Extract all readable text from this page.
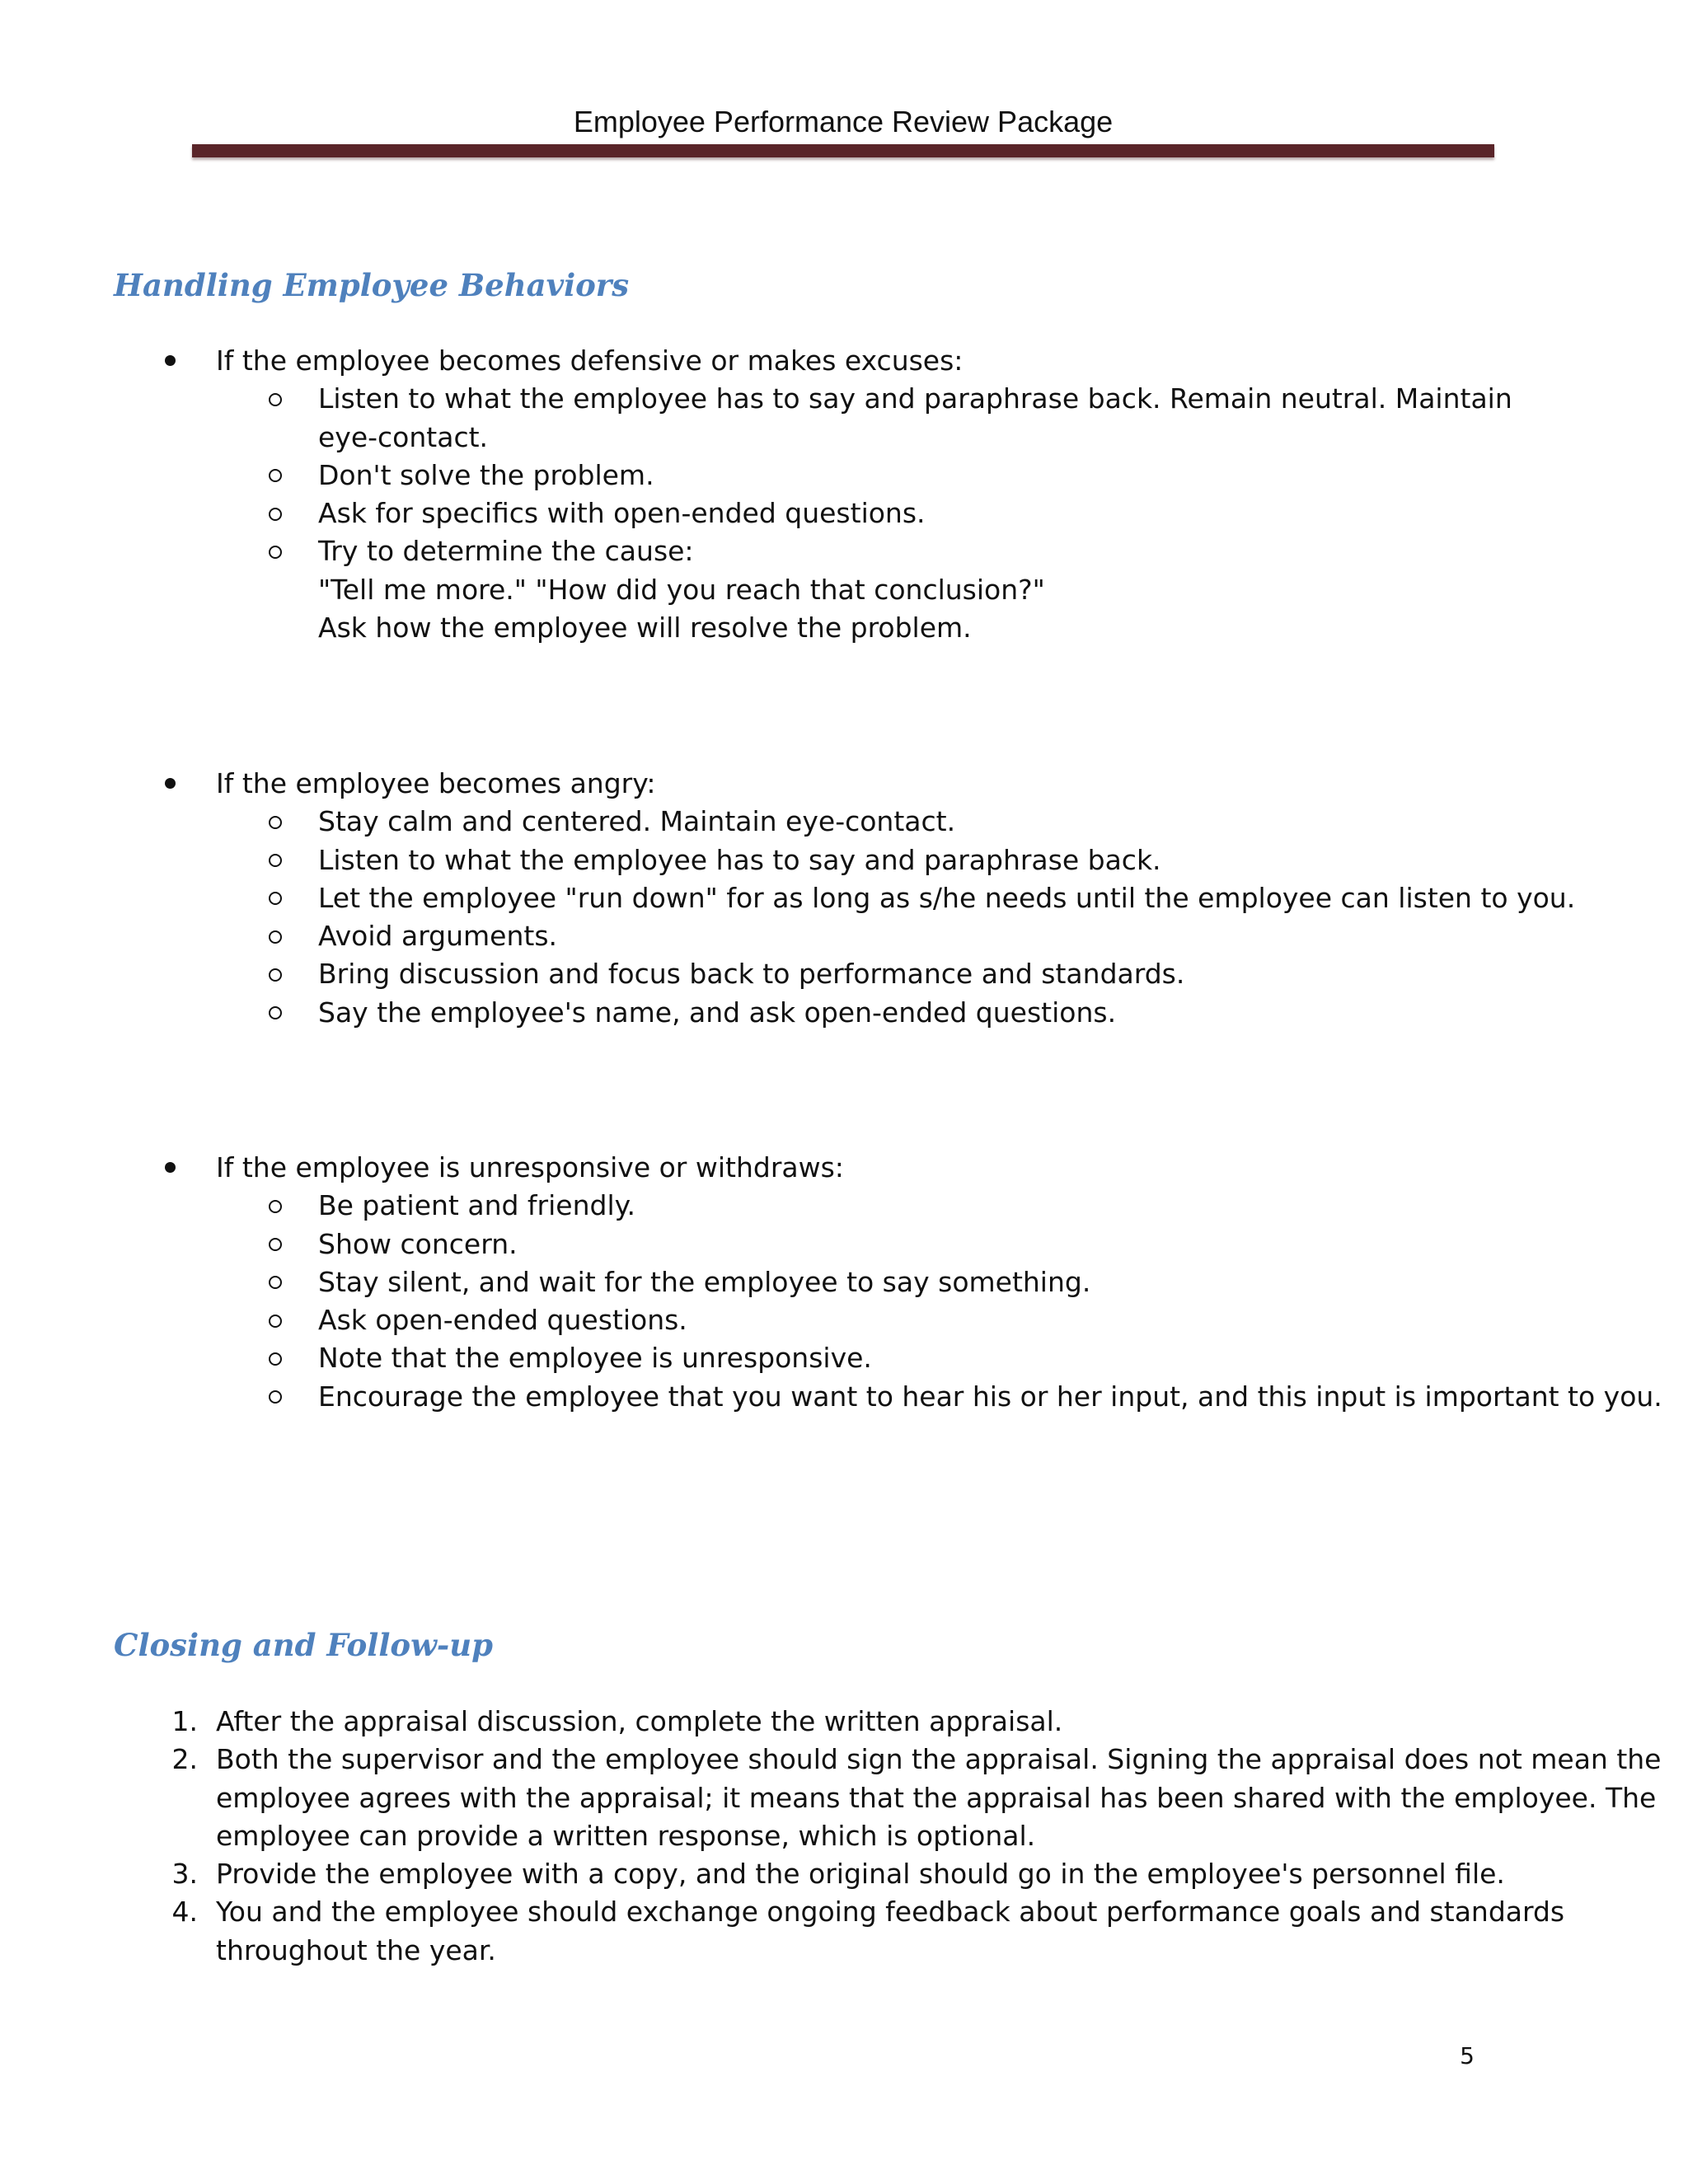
Employee Performance Review Package
Handling Employee Behaviors
If the employee becomes defensive or makes excuses:
Listen to what the employee has to say and paraphrase back. Remain neutral. Maintain
eye-contact.
Don't solve the problem.
Ask for specifics with open-ended questions.
Try to determine the cause:
"Tell me more." "How did you reach that conclusion?"
Ask how the employee will resolve the problem.
If the employee becomes angry:
Stay calm and centered. Maintain eye-contact.
Listen to what the employee has to say and paraphrase back.
Let the employee "run down" for as long as s/he needs until the employee can listen to you.
Avoid arguments.
Bring discussion and focus back to performance and standards.
Say the employee's name, and ask open-ended questions.
If the employee is unresponsive or withdraws:
Be patient and friendly.
Show concern.
Stay silent, and wait for the employee to say something.
Ask open-ended questions.
Note that the employee is unresponsive.
Encourage the employee that you want to hear his or her input, and this input is important to you.
Closing and Follow-up
1. After the appraisal discussion, complete the written appraisal.
2. Both the supervisor and the employee should sign the appraisal. Signing the appraisal does not mean the
employee agrees with the appraisal; it means that the appraisal has been shared with the employee. The
employee can provide a written response, which is optional.
3. Provide the employee with a copy, and the original should go in the employee's personnel file.
4. You and the employee should exchange ongoing feedback about performance goals and standards
throughout the year.
5
